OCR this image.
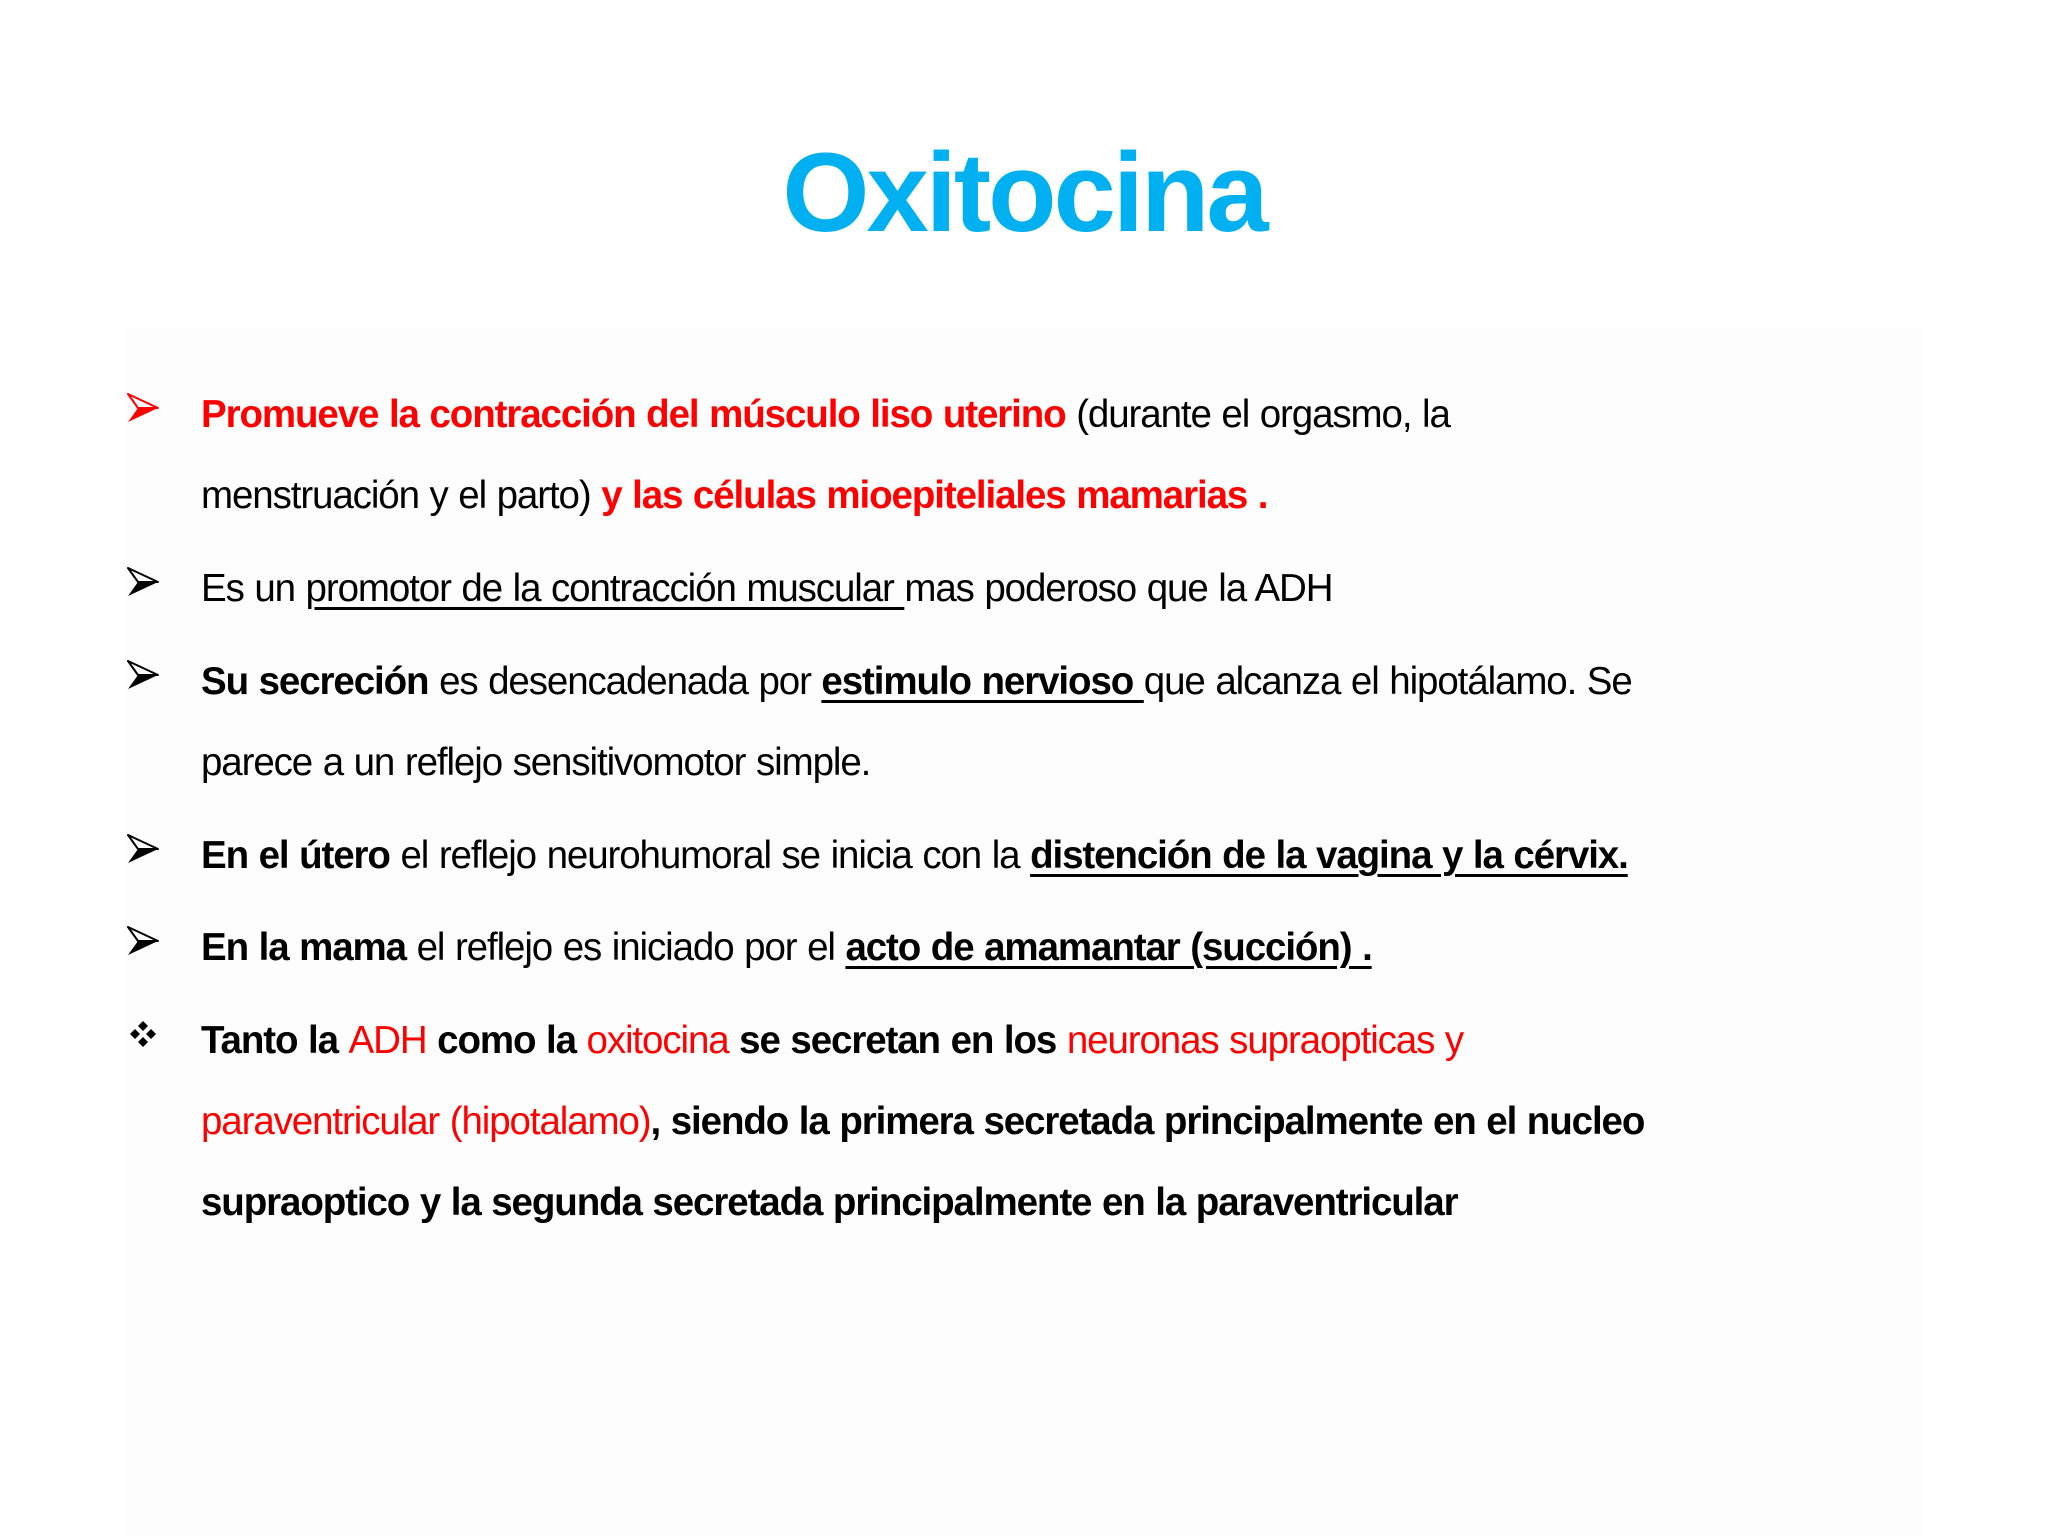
Oxitocina
Promueve la contracción del músculo liso uterino (durante el orgasmo, la
menstruación y el parto) y las células mioepiteliales mamarias .
Es un promotor de la contracción muscular mas poderoso que la ADH
Su secreción es desencadenada por estimulo nervioso que alcanza el hipotálamo. Se
parece a un reflejo sensitivomotor simple.
En el útero el reflejo neurohumoral se inicia con la distención de la vagina y la cérvix.
En la mama el reflejo es iniciado por el acto de amamantar (succión) .
Tanto la ADH como la oxitocina se secretan en los neuronas supraopticas y
paraventricular (hipotalamo), siendo la primera secretada principalmente en el nucleo
supraoptico y la segunda secretada principalmente en la paraventricular
